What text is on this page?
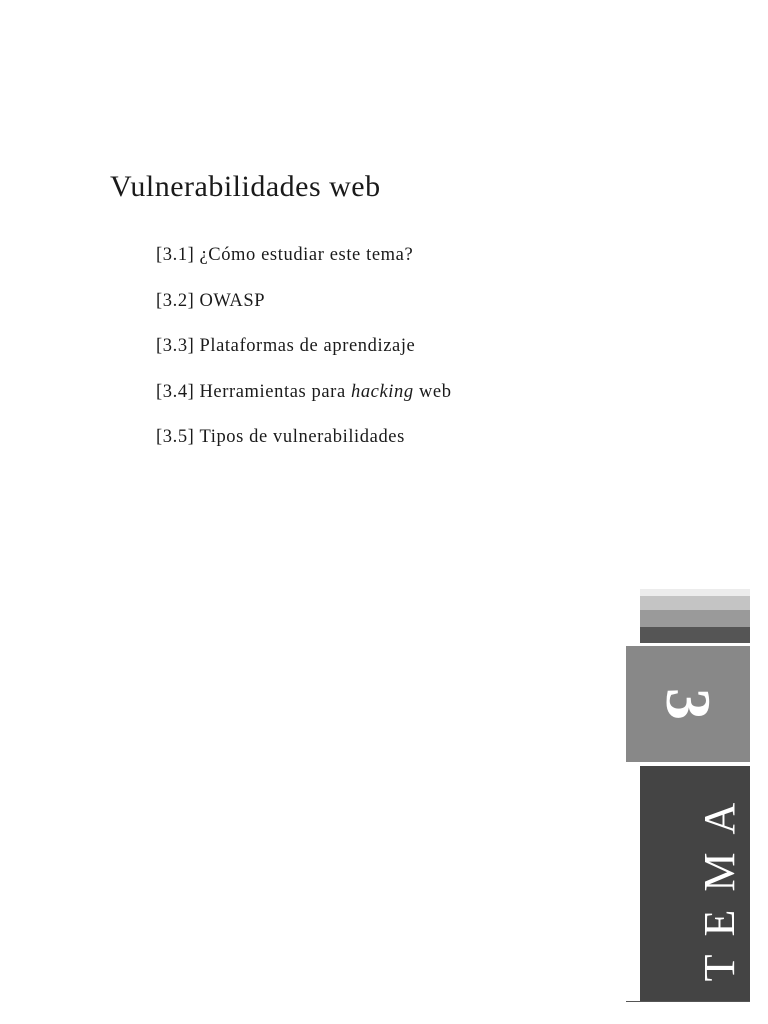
Vulnerabilidades web
[3.1] ¿Cómo estudiar este tema?
[3.2] OWASP
[3.3] Plataformas de aprendizaje
[3.4] Herramientas para hacking web
[3.5] Tipos de vulnerabilidades
3
TEMA
